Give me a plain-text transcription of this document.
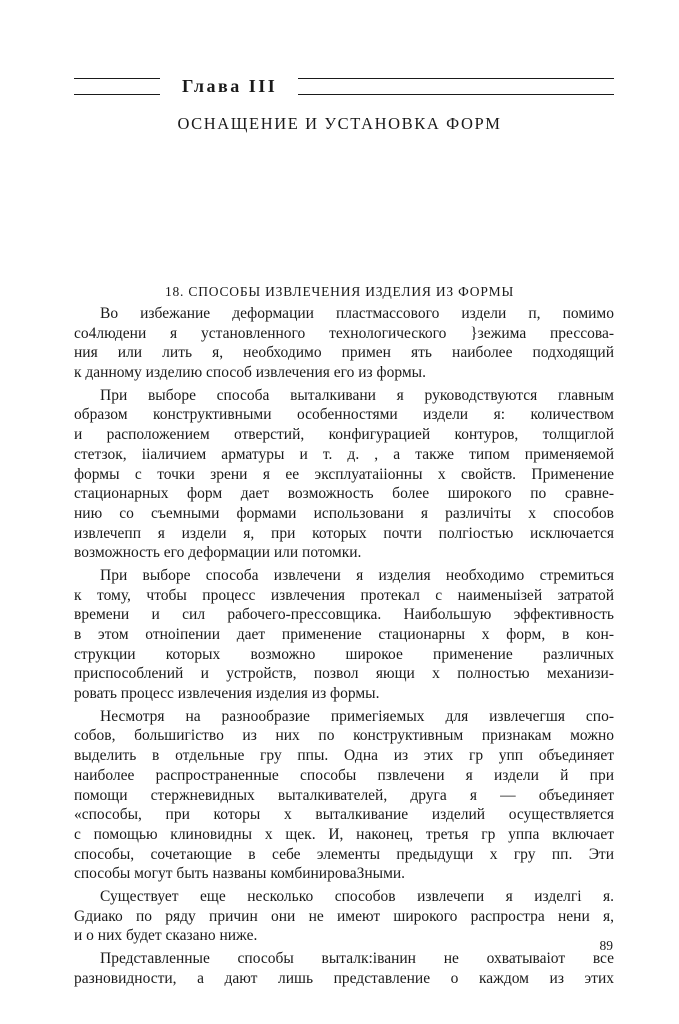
Глава III
ОСНАЩЕНИЕ И УСТАНОВКА ФОРМ
18. СПОСОБЫ ИЗВЛЕЧЕНИЯ ИЗДЕЛИЯ ИЗ ФОРМЫ
Во избежание деформации пластмассового издели п, помимо
со4людени я установленного технологического }зежима прессова-
ния или лить я, необходимо примен ять наиболее подходящий
к данному изделию способ извлечения его из формы.
При выборе способа выталкивани я руководствуются главным
образом конструктивными особенностями издели я: количеством
и расположением отверстий, конфигурацией контуров, толщиглой
стетзок, iiаличием арматуры и т. д. , а также типом применяемой
формы с точки зрени я ее эксплуатаiiонны х свойств. Применение
стационарных форм дает возможность более широкого по сравне-
нию со съемными формами использовани я различiты х способов
извлечепп я издели я, при которых почти полгiостью исключается
возможность его деформации или потомки.
При выборе способа извлечени я изделия необходимо стремиться
к тому, чтобы процесс извлечения протекал с наименыiзей затратой
времени и сил рабочего-прессовщика. Наибольшую эффективность
в этом отноiпении дает применение стационарны х форм, в кон-
струкции которых возможно широкое применение различных
приспособлений и устройств, позвол яющи х полностью механизи-
ровать процесс извлечения изделия из формы.
Несмотря на разнообразие примегiяемых для извлечегшя спо-
собов, большигiство из них по конструктивным признакам можно
выделить в отдельные гру ппы. Одна из этих гр упп объединяет
наиболее распространенные способы пзвлечени я издели й при
помощи стержневидных выталкивателей, друга я — объединяет
«способы, при которы х выталкивание изделий осуществляется
с помощью клиновидны х щек. И, наконец, третья гр уппа включает
способы, сочетающие в себе элементы предыдущи х гру пп. Эти
способы могут быть названы комбинироваЗными.
Существует еще несколько способов извлечепи я изделгi я.
Gдиако по ряду причин они не имеют широкого распростра нени я,
и о них будет сказано ниже.
Представленные способы выталк:iванин не охватываiот все
разновидности, а дают лишь представление о каждом из этих
89
